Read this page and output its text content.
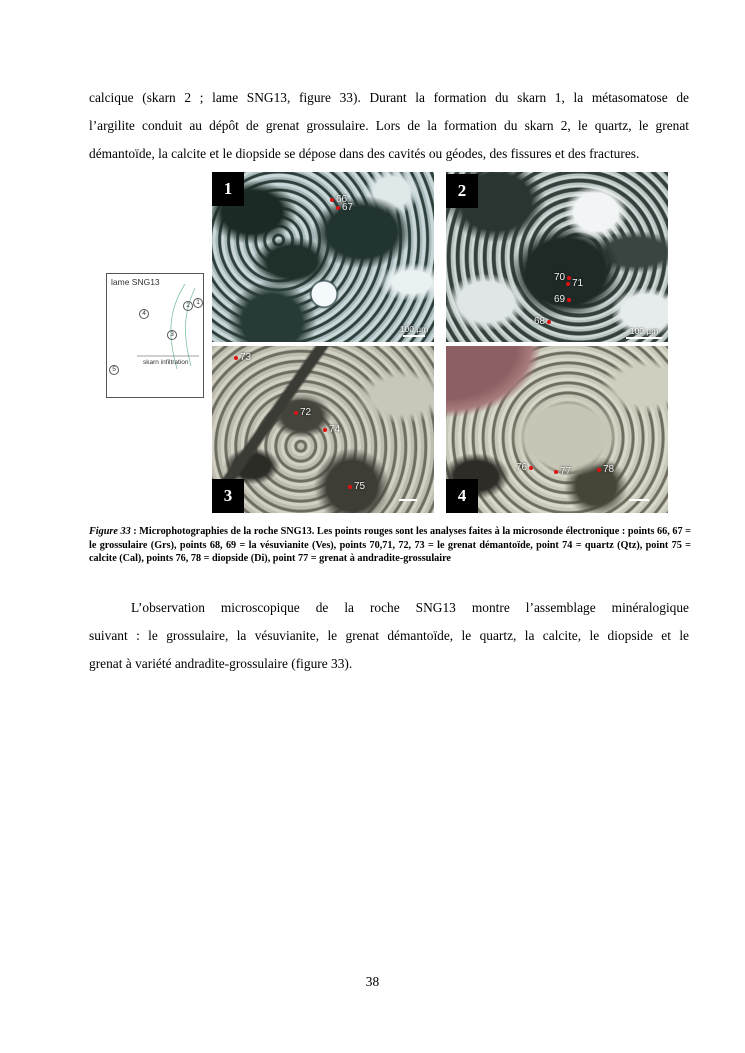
calcique (skarn 2 ; lame SNG13, figure 33). Durant la formation du skarn 1, la métasomatose de
l’argilite conduit au dépôt de grenat grossulaire. Lors de la formation du skarn 2, le quartz, le grenat
démantoïde, la calcite et le diopside se dépose dans des cavités ou géodes, des fissures et des fractures.
lame SNG13
1
2
3
4
5
skarn infiltration
1
66
67
100 µm
2
70
71
69
68
100 µm
3
73
72
74
75	4
76	77	78
Figure 33 : Microphotographies de la roche SNG13. Les points rouges sont les analyses faites à la microsonde électronique : points 66, 67 = le grossulaire (Grs), points 68, 69 = la vésuvianite (Ves), points 70,71, 72, 73 = le grenat démantoïde, point 74 = quartz (Qtz), point 75 = calcite (Cal), points 76, 78 = diopside (Di), point 77 = grenat à andradite-grossulaire
L’observation microscopique de la roche SNG13 montre l’assemblage minéralogique
suivant : le grossulaire, la vésuvianite, le grenat démantoïde, le quartz, la calcite, le diopside et le
grenat à variété andradite-grossulaire (figure 33).
38
